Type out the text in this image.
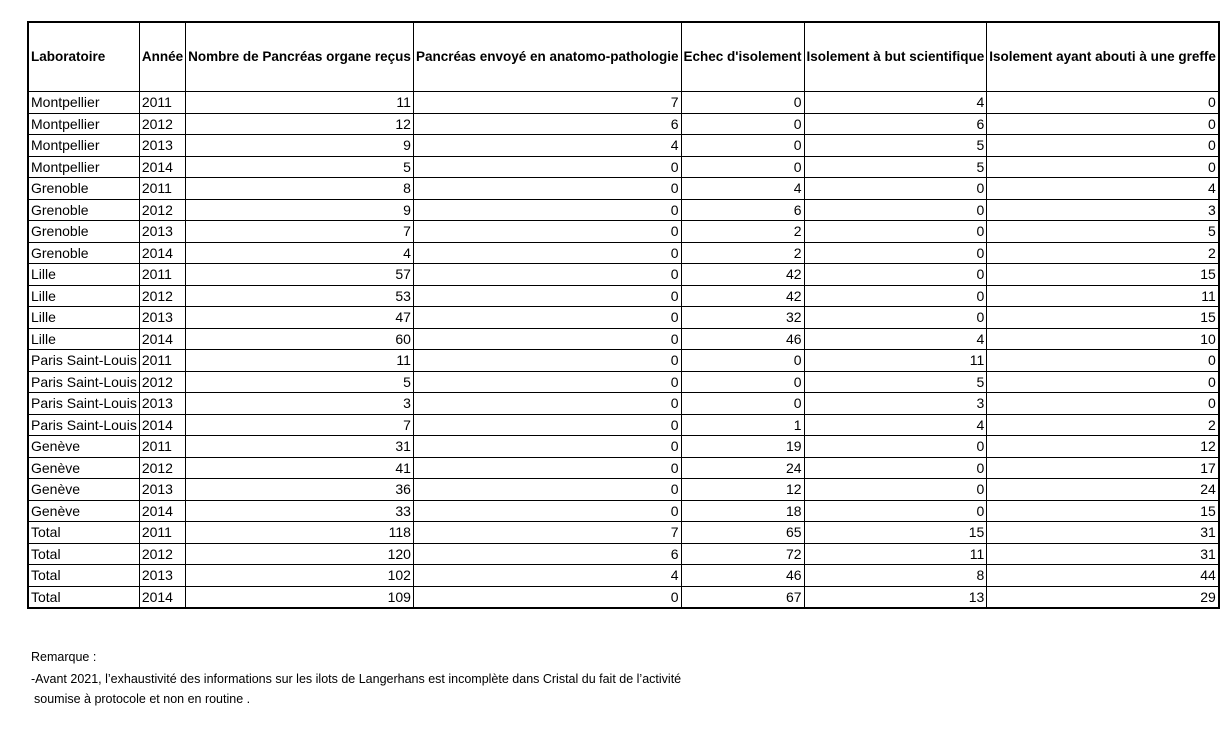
Laboratoire	Année	Nombre de Pancréas organe reçus	Pancréas envoyé en anatomo-pathologie	Echec d'isolement	Isolement à but scientifique	Isolement ayant abouti à une greffe
Montpellier	2011	11	7	0	4	0
Montpellier	2012	12	6	0	6	0
Montpellier	2013	9	4	0	5	0
Montpellier	2014	5	0	0	5	0
Grenoble	2011	8	0	4	0	4
Grenoble	2012	9	0	6	0	3
Grenoble	2013	7	0	2	0	5
Grenoble	2014	4	0	2	0	2
Lille	2011	57	0	42	0	15
Lille	2012	53	0	42	0	11
Lille	2013	47	0	32	0	15
Lille	2014	60	0	46	4	10
Paris Saint-Louis	2011	11	0	0	11	0
Paris Saint-Louis	2012	5	0	0	5	0
Paris Saint-Louis	2013	3	0	0	3	0
Paris Saint-Louis	2014	7	0	1	4	2
Genève	2011	31	0	19	0	12
Genève	2012	41	0	24	0	17
Genève	2013	36	0	12	0	24
Genève	2014	33	0	18	0	15
Total	2011	118	7	65	15	31
Total	2012	120	6	72	11	31
Total	2013	102	4	46	8	44
Total	2014	109	0	67	13	29
Remarque :
-Avant 2021, l’exhaustivité des informations sur les ilots de Langerhans est incomplète dans Cristal du fait de l’activité
soumise à protocole et non en routine .
